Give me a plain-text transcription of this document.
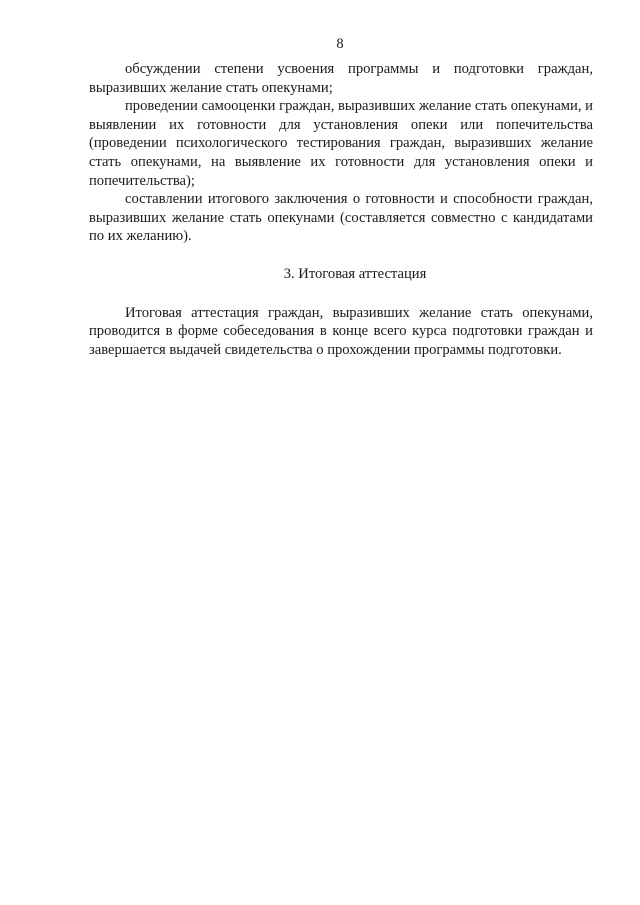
8

обсуждении степени усвоения программы и подготовки граждан, выразивших желание стать опекунами;

проведении самооценки граждан, выразивших желание стать опекунами, и выявлении их готовности для установления опеки или попечительства (проведении психологического тестирования граждан, выразивших желание стать опекунами, на выявление их готовности для установления опеки и попечительства);

составлении итогового заключения о готовности и способности граждан, выразивших желание стать опекунами (составляется совместно с кандидатами по их желанию).

3. Итоговая аттестация

Итоговая аттестация граждан, выразивших желание стать опекунами, проводится в форме собеседования в конце всего курса подготовки граждан и завершается выдачей свидетельства о прохождении программы подготовки.
